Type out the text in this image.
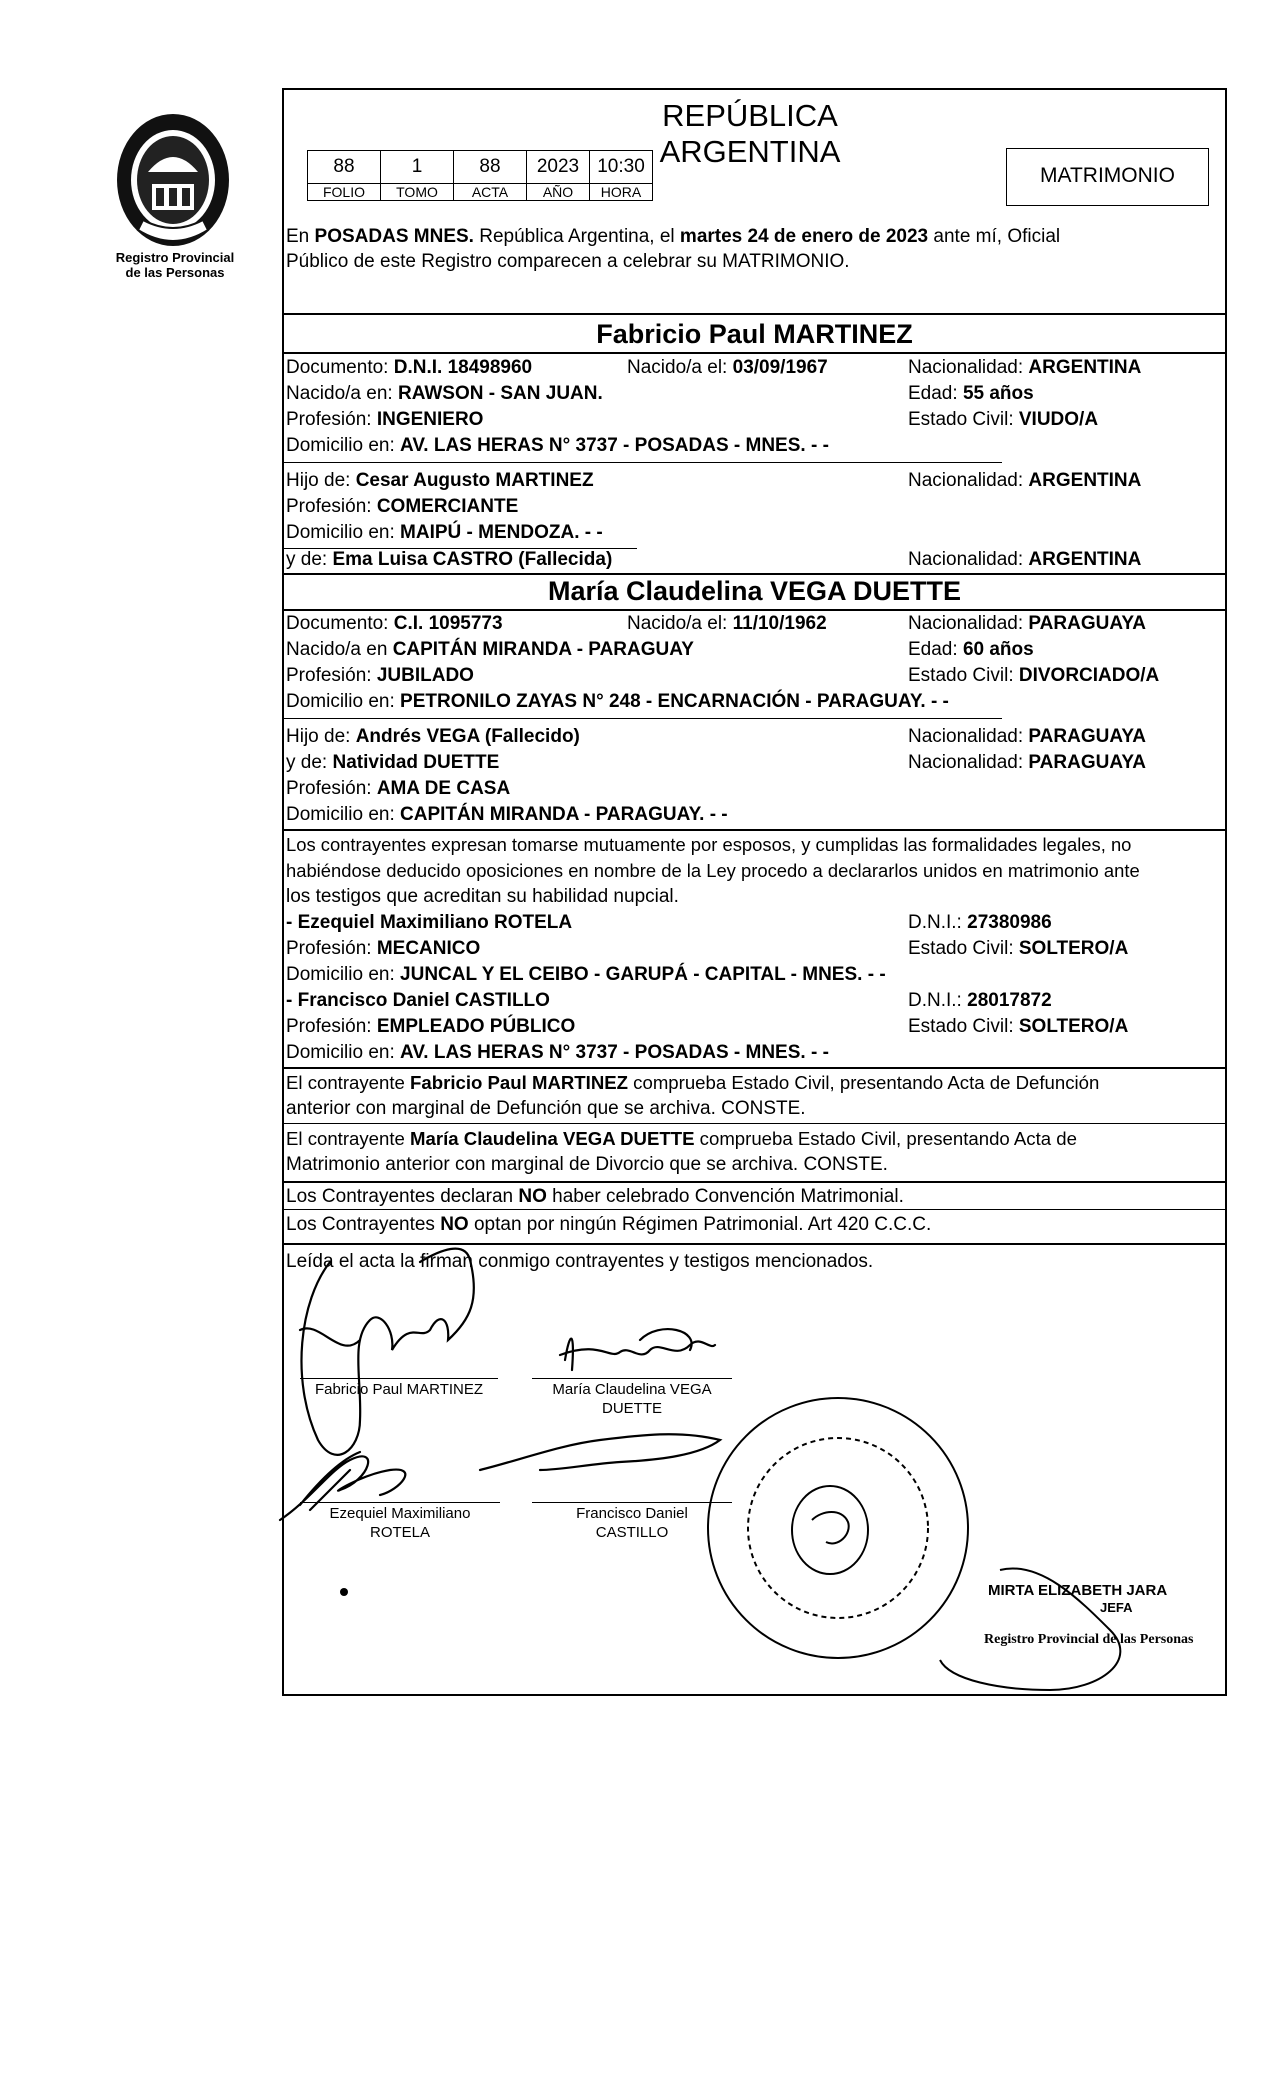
Registro Provincial
de las Personas
REPÚBLICA ARGENTINA
88	1	88	2023	10:30
FOLIO	TOMO	ACTA	AÑO	HORA
MATRIMONIO
En POSADAS MNES. República Argentina, el martes 24 de enero de 2023 ante mí, Oficial
Público de este Registro comparecen a celebrar su MATRIMONIO.
Fabricio Paul MARTINEZ
Documento: D.N.I. 18498960	Nacido/a el: 03/09/1967	Nacionalidad: ARGENTINA
Nacido/a en: RAWSON - SAN JUAN.	Edad: 55 años
Profesión: INGENIERO	Estado Civil: VIUDO/A
Domicilio en: AV. LAS HERAS N° 3737 - POSADAS - MNES. - -
Hijo de: Cesar Augusto MARTINEZ	Nacionalidad: ARGENTINA
Profesión: COMERCIANTE
Domicilio en: MAIPÚ - MENDOZA. - -
y de: Ema Luisa CASTRO (Fallecida)	Nacionalidad: ARGENTINA
María Claudelina VEGA DUETTE
Documento: C.I. 1095773	Nacido/a el: 11/10/1962	Nacionalidad: PARAGUAYA
Nacido/a en CAPITÁN MIRANDA - PARAGUAY	Edad: 60 años
Profesión: JUBILADO	Estado Civil: DIVORCIADO/A
Domicilio en: PETRONILO ZAYAS N° 248 - ENCARNACIÓN - PARAGUAY. - -
Hijo de: Andrés VEGA (Fallecido)	Nacionalidad: PARAGUAYA
y de: Natividad DUETTE	Nacionalidad: PARAGUAYA
Profesión: AMA DE CASA
Domicilio en: CAPITÁN MIRANDA - PARAGUAY. - -
Los contrayentes expresan tomarse mutuamente por esposos, y cumplidas las formalidades legales, no
habiéndose deducido oposiciones en nombre de la Ley procedo a declararlos unidos en matrimonio ante
los testigos que acreditan su habilidad nupcial.
- Ezequiel Maximiliano ROTELA	D.N.I.: 27380986
Profesión: MECANICO	Estado Civil: SOLTERO/A
Domicilio en: JUNCAL Y EL CEIBO - GARUPÁ - CAPITAL - MNES. - -
- Francisco Daniel CASTILLO	D.N.I.: 28017872
Profesión: EMPLEADO PÚBLICO	Estado Civil: SOLTERO/A
Domicilio en: AV. LAS HERAS N° 3737 - POSADAS - MNES. - -
El contrayente Fabricio Paul MARTINEZ comprueba Estado Civil, presentando Acta de Defunción
anterior con marginal de Defunción que se archiva. CONSTE.
El contrayente María Claudelina VEGA DUETTE comprueba Estado Civil, presentando Acta de
Matrimonio anterior con marginal de Divorcio que se archiva. CONSTE.
Los Contrayentes declaran NO haber celebrado Convención Matrimonial.
Los Contrayentes NO optan por ningún Régimen Patrimonial. Art 420 C.C.C.
Leída el acta la firman conmigo contrayentes y testigos mencionados.
Fabricio Paul MARTINEZ	María Claudelina VEGA
DUETTE
Ezequiel Maximiliano
ROTELA
Francisco Daniel
CASTILLO
MIRTA ELIZABETH JARA
JEFA
Registro Provincial de las Personas
